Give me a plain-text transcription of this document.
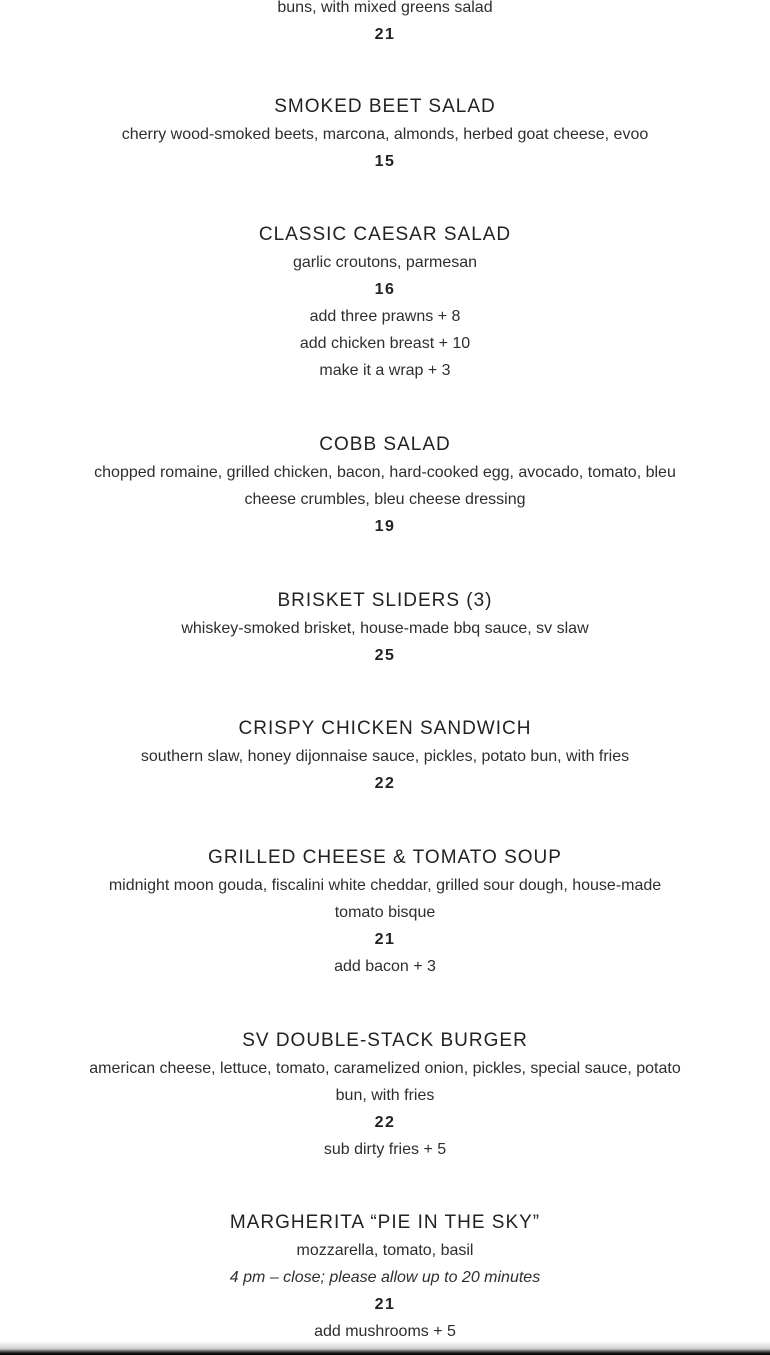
buns, with mixed greens salad
21
SMOKED BEET SALAD
cherry wood-smoked beets, marcona, almonds, herbed goat cheese, evoo
15
CLASSIC CAESAR SALAD
garlic croutons, parmesan
16
add three prawns + 8
add chicken breast + 10
make it a wrap + 3
COBB SALAD
chopped romaine, grilled chicken, bacon, hard-cooked egg, avocado, tomato, bleu
cheese crumbles, bleu cheese dressing
19
BRISKET SLIDERS (3)
whiskey-smoked brisket, house-made bbq sauce, sv slaw
25
CRISPY CHICKEN SANDWICH
southern slaw, honey dijonnaise sauce, pickles, potato bun, with fries
22
GRILLED CHEESE & TOMATO SOUP
midnight moon gouda, fiscalini white cheddar, grilled sour dough, house-made
tomato bisque
21
add bacon + 3
SV DOUBLE-STACK BURGER
american cheese, lettuce, tomato, caramelized onion, pickles, special sauce, potato
bun, with fries
22
sub dirty fries + 5
MARGHERITA “PIE IN THE SKY”
mozzarella, tomato, basil
4 pm – close; please allow up to 20 minutes
21
add mushrooms + 5
